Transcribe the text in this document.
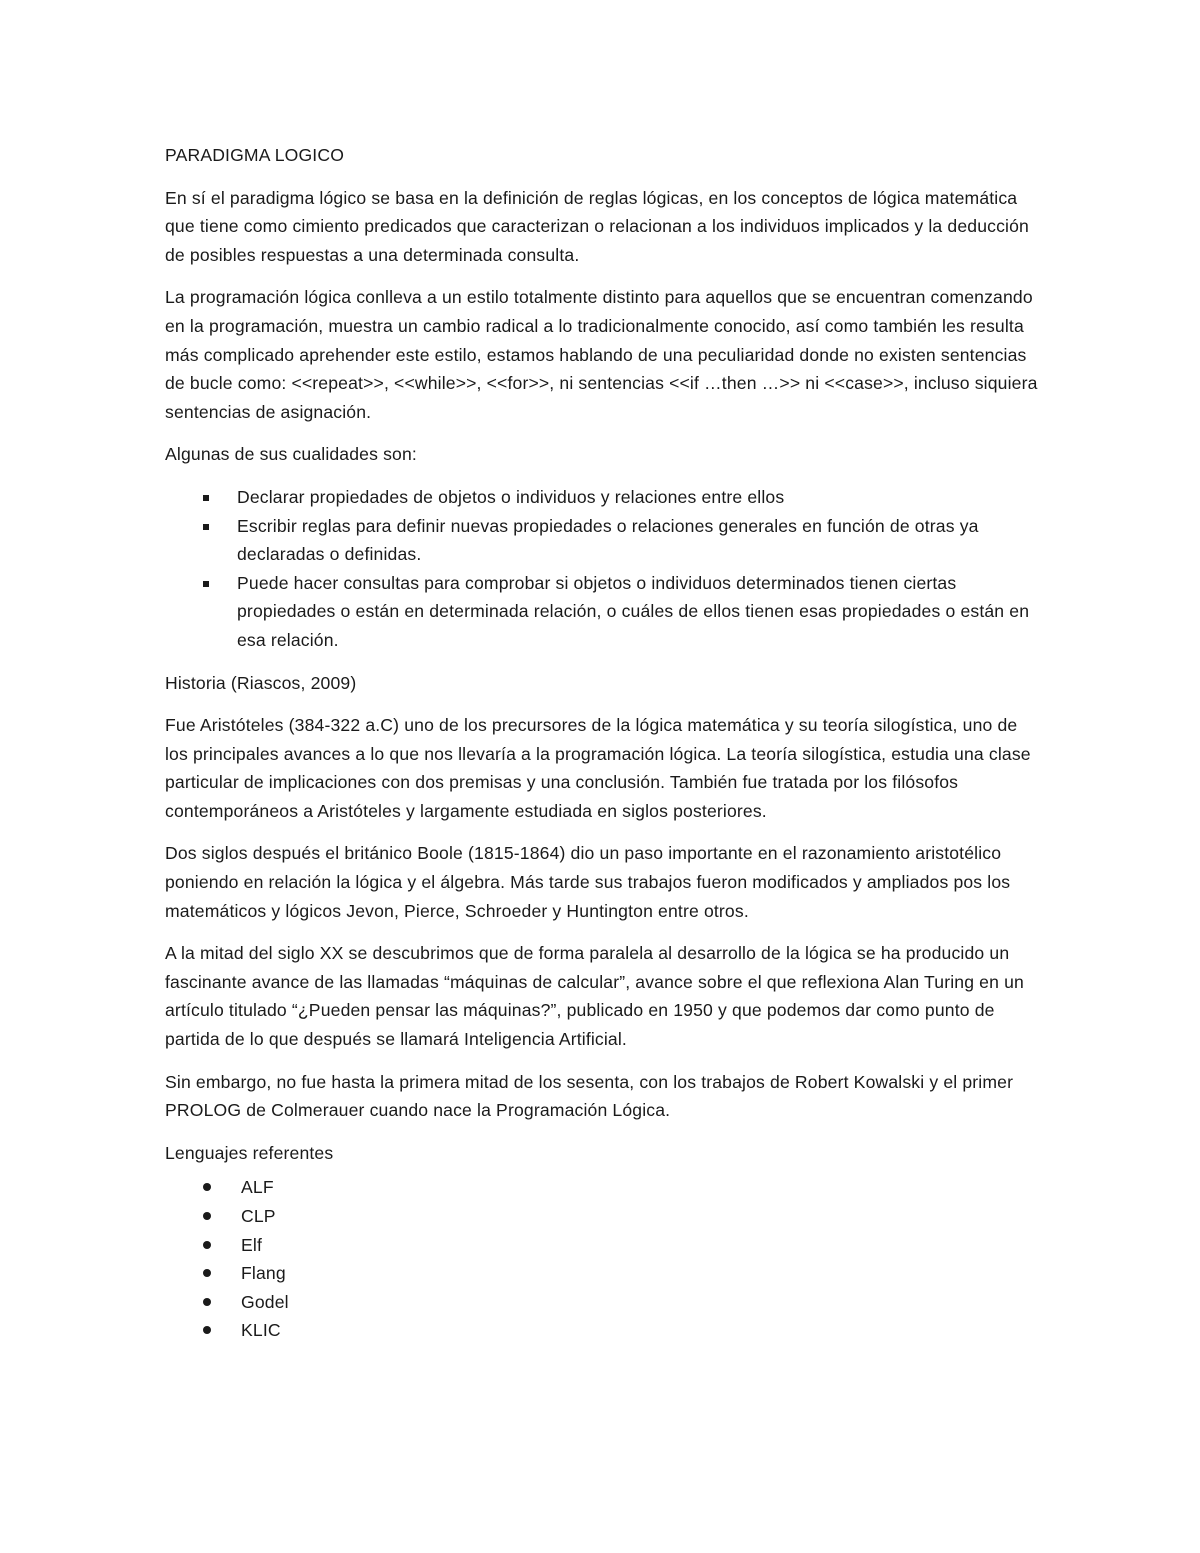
PARADIGMA LOGICO
En sí el paradigma lógico se basa en la definición de reglas lógicas, en los conceptos de lógica matemática que tiene como cimiento predicados que caracterizan o relacionan a los individuos implicados y la deducción de posibles respuestas a una determinada consulta.
La programación lógica conlleva a un estilo totalmente distinto para aquellos que se encuentran comenzando en la programación, muestra un cambio radical a lo tradicionalmente conocido, así como también les resulta más complicado aprehender este estilo, estamos hablando de una peculiaridad donde no existen sentencias de bucle como: <<repeat>>, <<while>>, <<for>>, ni sentencias <<if …then …>> ni <<case>>, incluso siquiera sentencias de asignación.
Algunas de sus cualidades son:
Declarar propiedades de objetos o individuos y relaciones entre ellos
Escribir reglas para definir nuevas propiedades o relaciones generales en función de otras ya declaradas o definidas.
Puede hacer consultas para comprobar si objetos o individuos determinados tienen ciertas propiedades o están en determinada relación, o cuáles de ellos tienen esas propiedades o están en esa relación.
Historia (Riascos, 2009)
Fue Aristóteles (384-322 a.C) uno de los precursores de la lógica matemática y su teoría silogística, uno de los principales avances a lo que nos llevaría a la programación lógica. La teoría silogística, estudia una clase particular de implicaciones con dos premisas y una conclusión. También fue tratada por los filósofos contemporáneos a Aristóteles y largamente estudiada en siglos posteriores.
Dos siglos después el británico Boole (1815-1864) dio un paso importante en el razonamiento aristotélico poniendo en relación la lógica y el álgebra. Más tarde sus trabajos fueron modificados y ampliados pos los matemáticos y lógicos Jevon, Pierce, Schroeder y Huntington entre otros.
A la mitad del siglo XX se descubrimos que de forma paralela al desarrollo de la lógica se ha producido un fascinante avance de las llamadas “máquinas de calcular”, avance sobre el que reflexiona Alan Turing en un artículo titulado “¿Pueden pensar las máquinas?”, publicado en 1950 y que podemos dar como punto de partida de lo que después se llamará Inteligencia Artificial.
Sin embargo, no fue hasta la primera mitad de los sesenta, con los trabajos de Robert Kowalski y el primer PROLOG de Colmerauer cuando nace la Programación Lógica.
Lenguajes referentes
ALF
CLP
Elf
Flang
Godel
KLIC
